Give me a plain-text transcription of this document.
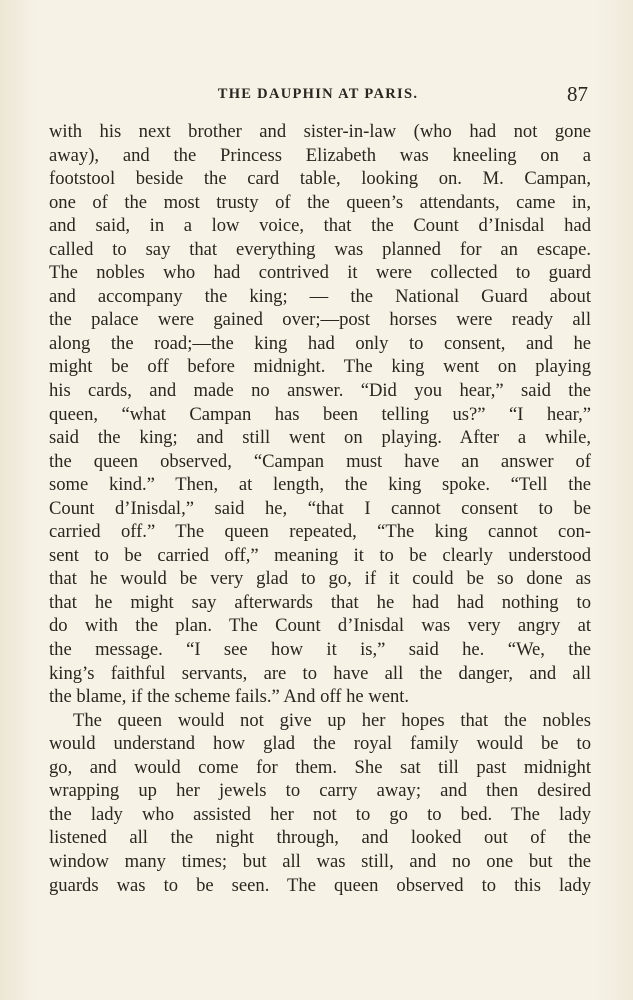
THE DAUPHIN AT PARIS.	87
with his next brother and sister-in-law (who had not gone
away), and the Princess Elizabeth was kneeling on a
footstool beside the card table, looking on. M. Campan,
one of the most trusty of the queen’s attendants, came in,
and said, in a low voice, that the Count d’Inisdal had
called to say that everything was planned for an escape.
The nobles who had contrived it were collected to guard
and accompany the king; — the National Guard about
the palace were gained over;—post horses were ready all
along the road;—the king had only to consent, and he
might be off before midnight. The king went on playing
his cards, and made no answer. “Did you hear,” said the
queen, “what Campan has been telling us?” “I hear,”
said the king; and still went on playing. After a while,
the queen observed, “Campan must have an answer of
some kind.” Then, at length, the king spoke. “Tell the
Count d’Inisdal,” said he, “that I cannot consent to be
carried off.” The queen repeated, “The king cannot con-
sent to be carried off,” meaning it to be clearly understood
that he would be very glad to go, if it could be so done as
that he might say afterwards that he had had nothing to
do with the plan. The Count d’Inisdal was very angry at
the message. “I see how it is,” said he. “We, the
king’s faithful servants, are to have all the danger, and all
the blame, if the scheme fails.” And off he went.
The queen would not give up her hopes that the nobles
would understand how glad the royal family would be to
go, and would come for them. She sat till past midnight
wrapping up her jewels to carry away; and then desired
the lady who assisted her not to go to bed. The lady
listened all the night through, and looked out of the
window many times; but all was still, and no one but the
guards was to be seen. The queen observed to this lady
